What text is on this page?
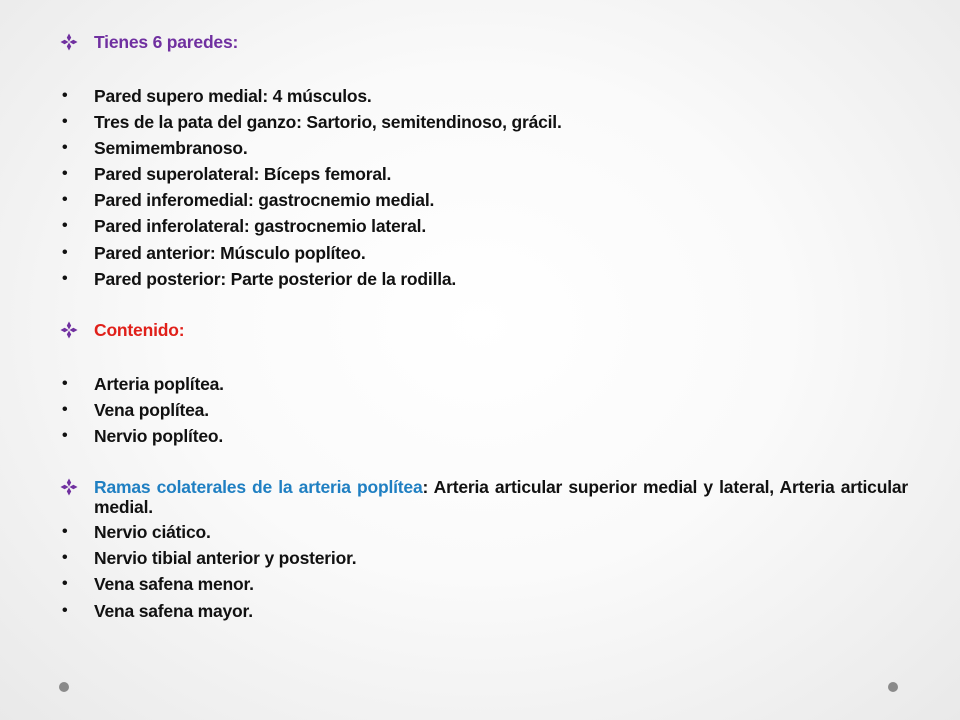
Tienes 6 paredes:
•	Pared supero medial: 4 músculos.
•	Tres de la pata del ganzo: Sartorio, semitendinoso, grácil.
•	Semimembranoso.
•	Pared superolateral: Bíceps femoral.
•	Pared inferomedial: gastrocnemio medial.
•	Pared inferolateral: gastrocnemio lateral.
•	Pared anterior: Músculo poplíteo.
•	Pared posterior: Parte posterior de la rodilla.
Contenido:
•	Arteria poplítea.
•	Vena poplítea.
•	Nervio poplíteo.
Ramas colaterales de la arteria poplítea: Arteria articular superior medial y lateral, Arteria articular medial.
•	Nervio ciático.
•	Nervio tibial anterior y posterior.
•	Vena safena menor.
•	Vena safena mayor.
